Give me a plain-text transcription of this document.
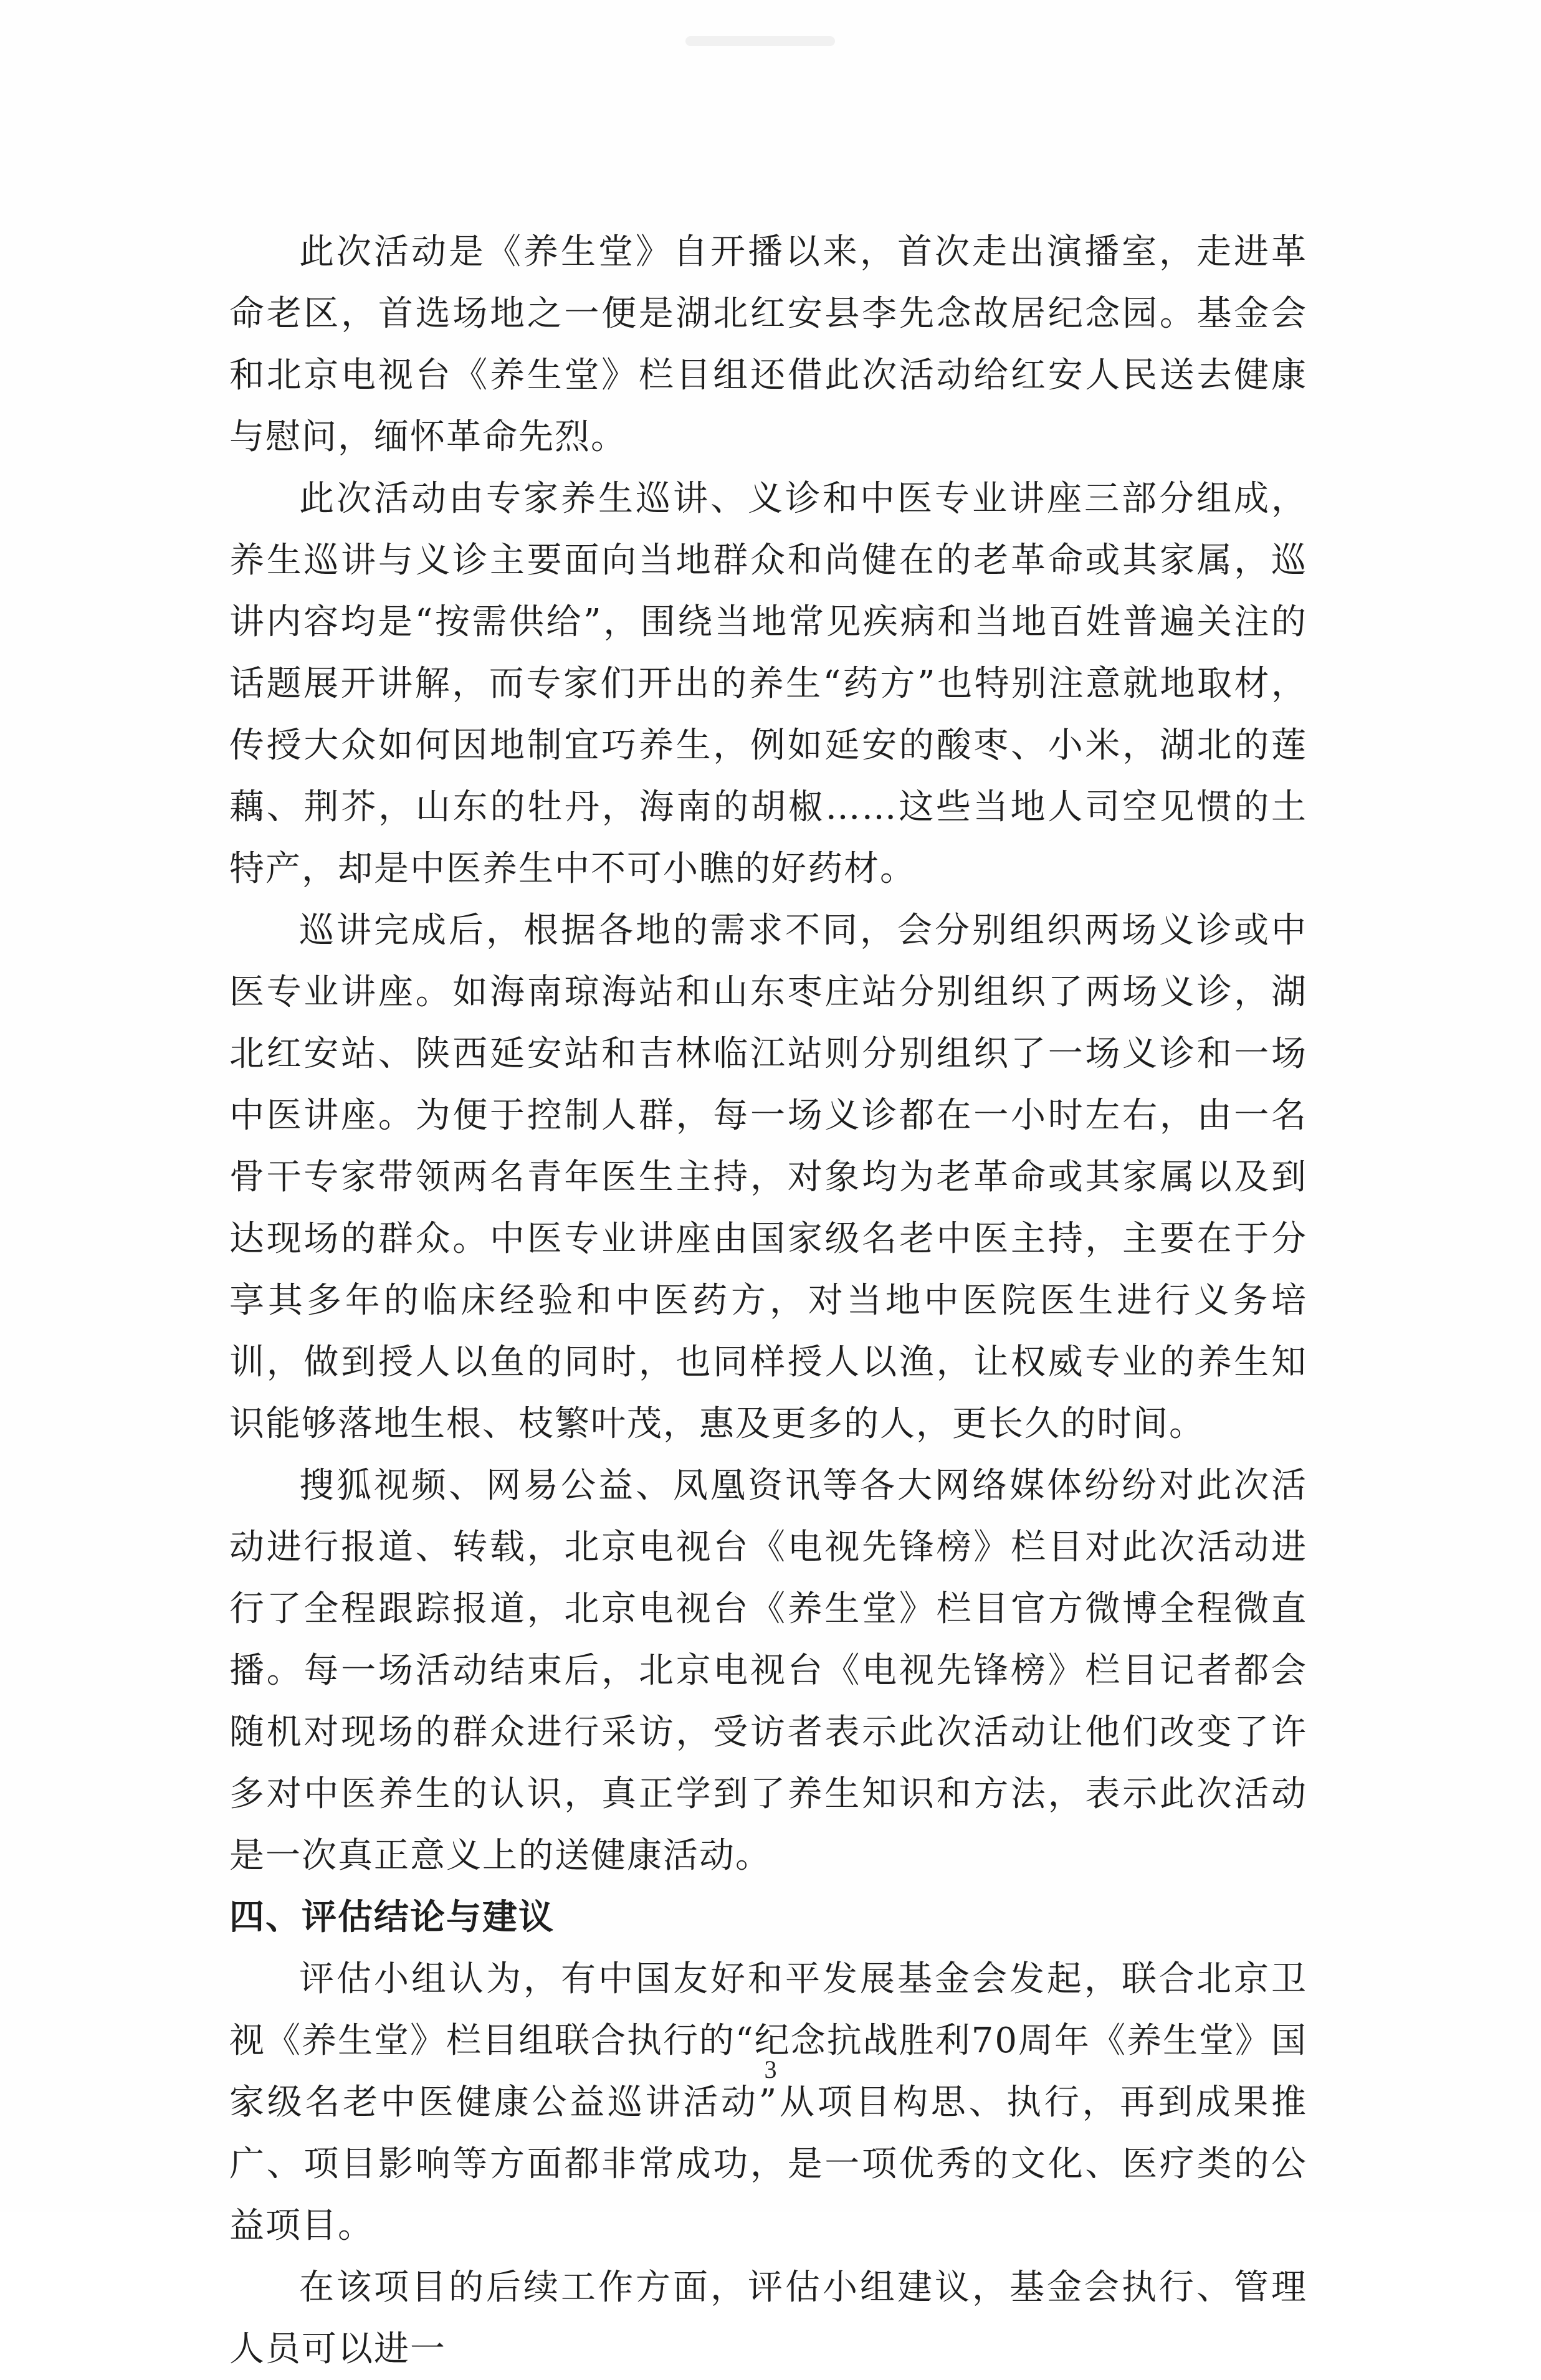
此次活动是《养生堂》自开播以来，首次走出演播室，走进革命老区，首选场地之一便是湖北红安县李先念故居纪念园。基金会和北京电视台《养生堂》栏目组还借此次活动给红安人民送去健康与慰问，缅怀革命先烈。

此次活动由专家养生巡讲、义诊和中医专业讲座三部分组成，养生巡讲与义诊主要面向当地群众和尚健在的老革命或其家属，巡讲内容均是“按需供给”，围绕当地常见疾病和当地百姓普遍关注的话题展开讲解，而专家们开出的养生“药方”也特别注意就地取材，传授大众如何因地制宜巧养生，例如延安的酸枣、小米，湖北的莲藕、荆芥，山东的牡丹，海南的胡椒……这些当地人司空见惯的土特产，却是中医养生中不可小瞧的好药材。

巡讲完成后，根据各地的需求不同，会分别组织两场义诊或中医专业讲座。如海南琼海站和山东枣庄站分别组织了两场义诊，湖北红安站、陕西延安站和吉林临江站则分别组织了一场义诊和一场中医讲座。为便于控制人群，每一场义诊都在一小时左右，由一名骨干专家带领两名青年医生主持，对象均为老革命或其家属以及到达现场的群众。中医专业讲座由国家级名老中医主持，主要在于分享其多年的临床经验和中医药方，对当地中医院医生进行义务培训，做到授人以鱼的同时，也同样授人以渔，让权威专业的养生知识能够落地生根、枝繁叶茂，惠及更多的人，更长久的时间。

搜狐视频、网易公益、凤凰资讯等各大网络媒体纷纷对此次活动进行报道、转载，北京电视台《电视先锋榜》栏目对此次活动进行了全程跟踪报道，北京电视台《养生堂》栏目官方微博全程微直播。每一场活动结束后，北京电视台《电视先锋榜》栏目记者都会随机对现场的群众进行采访，受访者表示此次活动让他们改变了许多对中医养生的认识，真正学到了养生知识和方法，表示此次活动是一次真正意义上的送健康活动。

四、评估结论与建议

评估小组认为，有中国友好和平发展基金会发起，联合北京卫视《养生堂》栏目组联合执行的“纪念抗战胜利70周年《养生堂》国家级名老中医健康公益巡讲活动”从项目构思、执行，再到成果推广、项目影响等方面都非常成功，是一项优秀的文化、医疗类的公益项目。

在该项目的后续工作方面，评估小组建议，基金会执行、管理人员可以进一

3
